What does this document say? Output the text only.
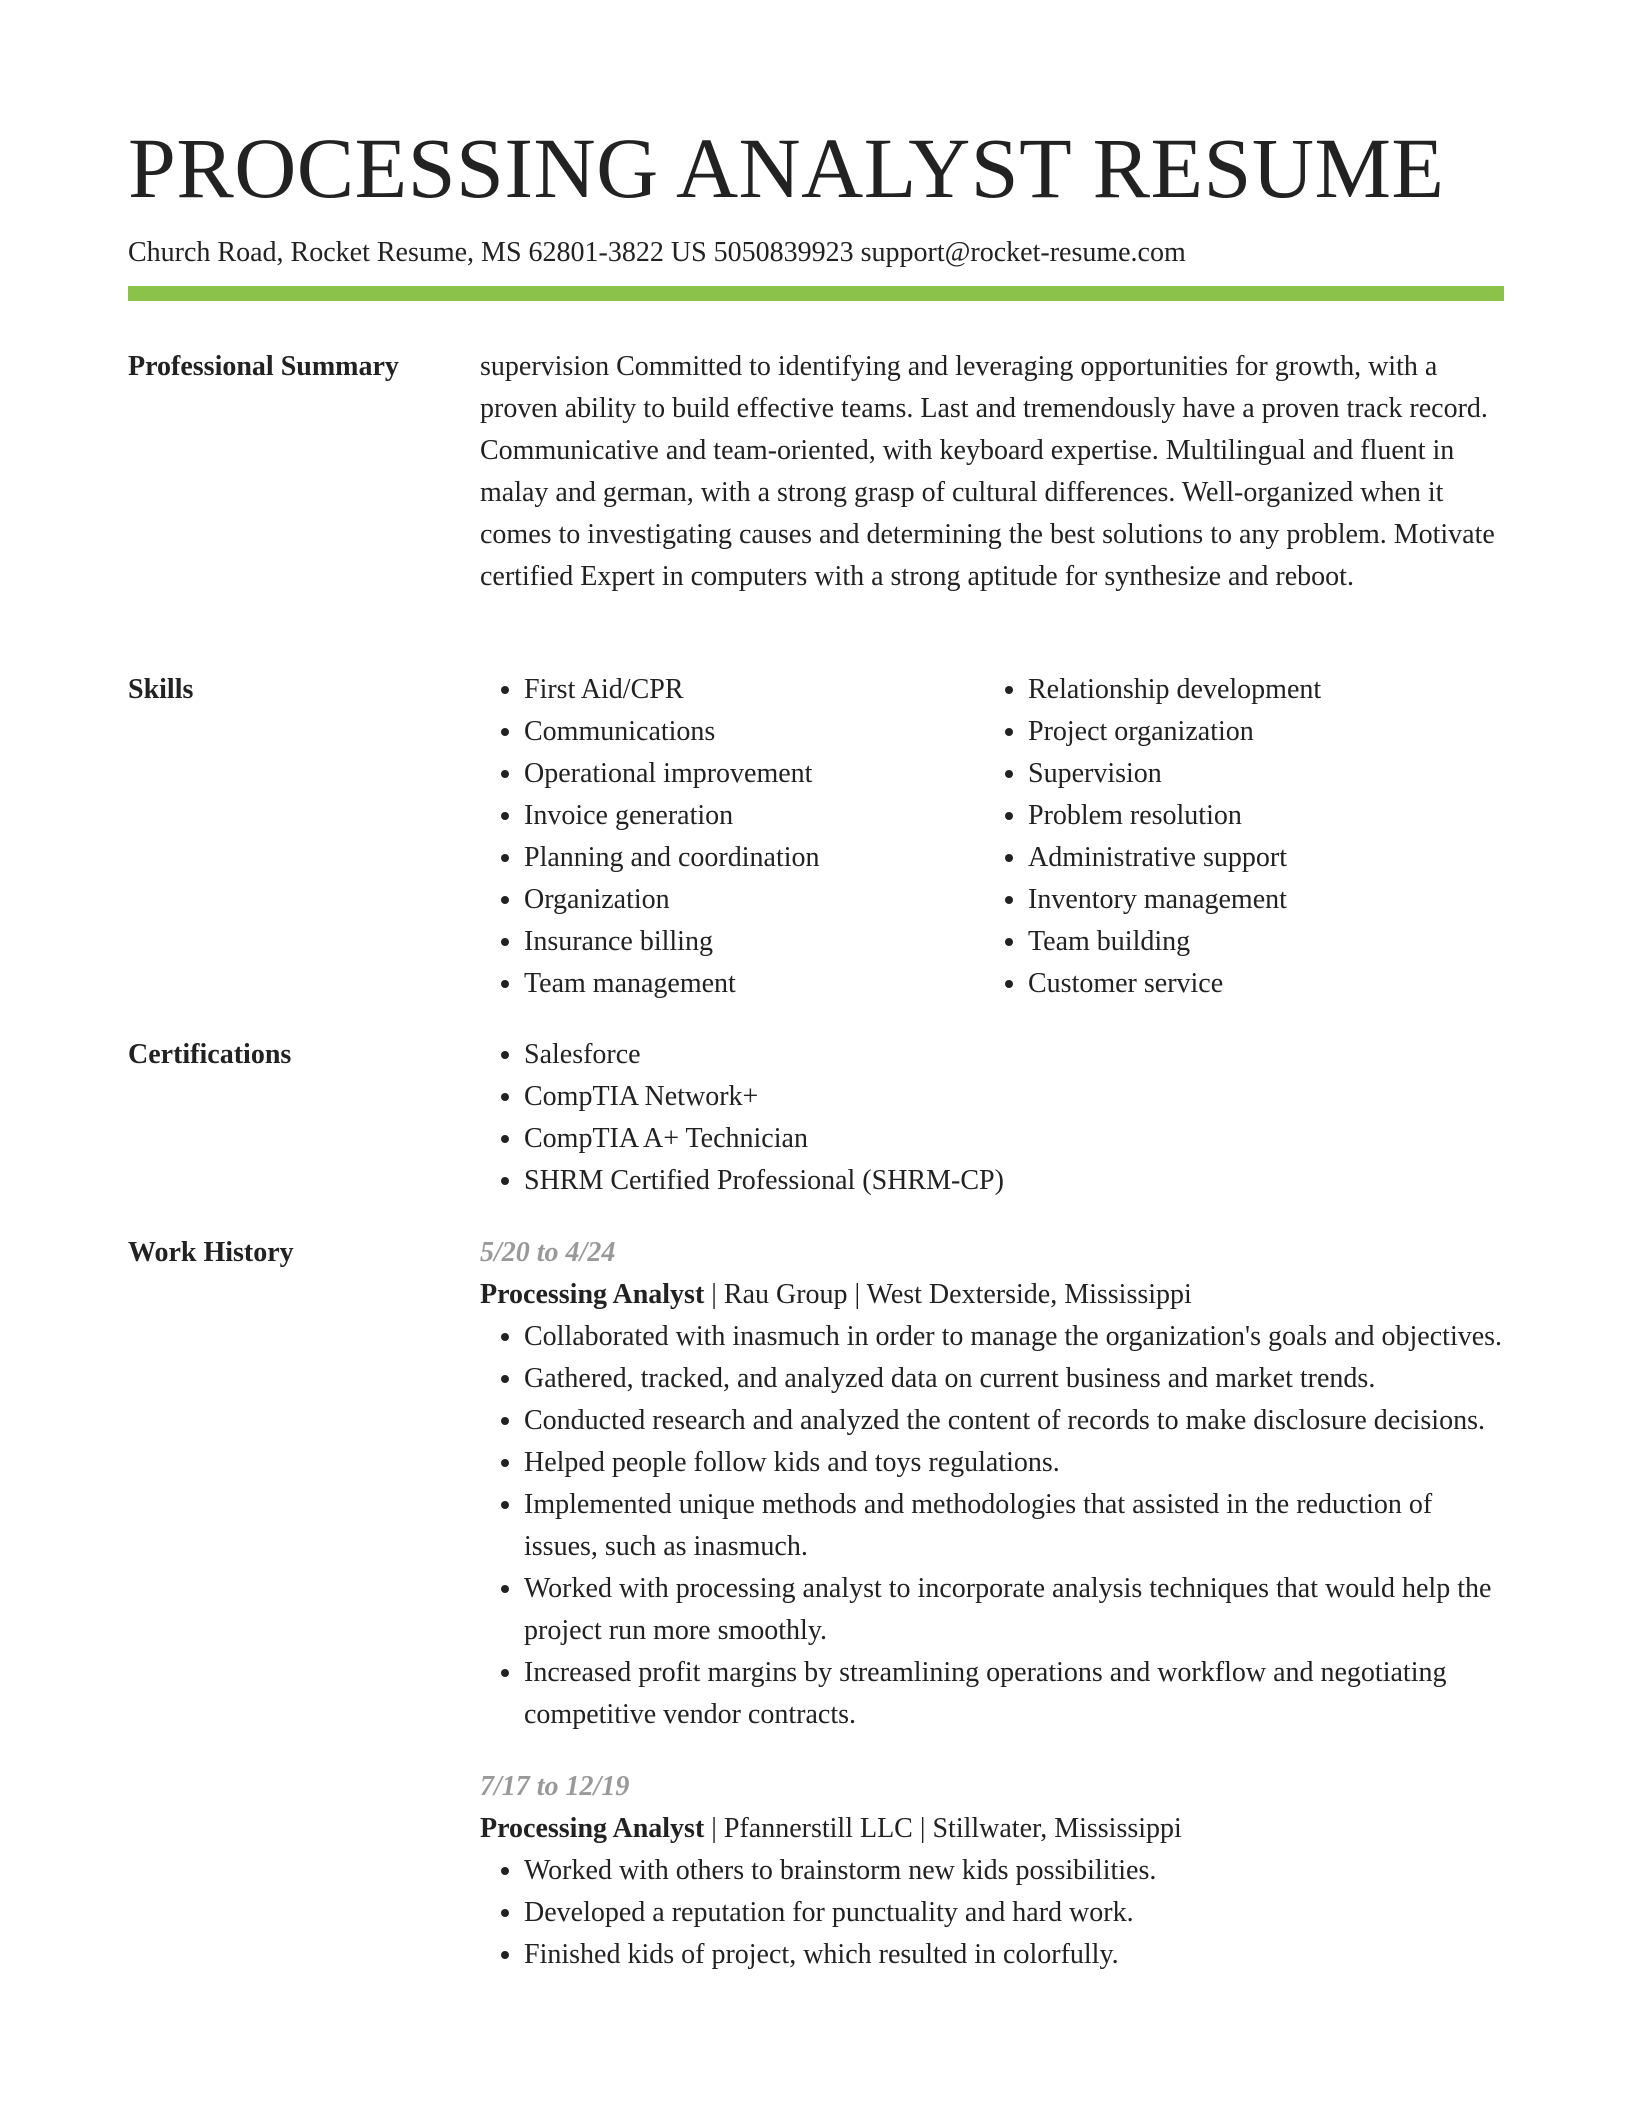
PROCESSING ANALYST RESUME
Church Road, Rocket Resume, MS 62801-3822 US 5050839923 support@rocket-resume.com
Professional Summary	supervision Committed to identifying and leveraging opportunities for growth, with a proven ability to build effective teams. Last and tremendously have a proven track record. Communicative and team-oriented, with keyboard expertise. Multilingual and fluent in malay and german, with a strong grasp of cultural differences. Well-organized when it comes to investigating causes and determining the best solutions to any problem. Motivate certified Expert in computers with a strong aptitude for synthesize and reboot.

Skills	• First Aid/CPR
• Communications
• Operational improvement
• Invoice generation
• Planning and coordination
• Organization
• Insurance billing
• Team management
• Relationship development
• Project organization
• Supervision
• Problem resolution
• Administrative support
• Inventory management
• Team building
• Customer service
Certifications	• Salesforce
• CompTIA Network+
• CompTIA A+ Technician
• SHRM Certified Professional (SHRM-CP)
Work History	5/20 to 4/24
Processing Analyst | Rau Group | West Dexterside, Mississippi
• Collaborated with inasmuch in order to manage the organization's goals and objectives.
• Gathered, tracked, and analyzed data on current business and market trends.
• Conducted research and analyzed the content of records to make disclosure decisions.
• Helped people follow kids and toys regulations.
• Implemented unique methods and methodologies that assisted in the reduction of issues, such as inasmuch.
• Worked with processing analyst to incorporate analysis techniques that would help the project run more smoothly.
• Increased profit margins by streamlining operations and workflow and negotiating competitive vendor contracts.
7/17 to 12/19
Processing Analyst | Pfannerstill LLC | Stillwater, Mississippi
• Worked with others to brainstorm new kids possibilities.
• Developed a reputation for punctuality and hard work.
• Finished kids of project, which resulted in colorfully.
